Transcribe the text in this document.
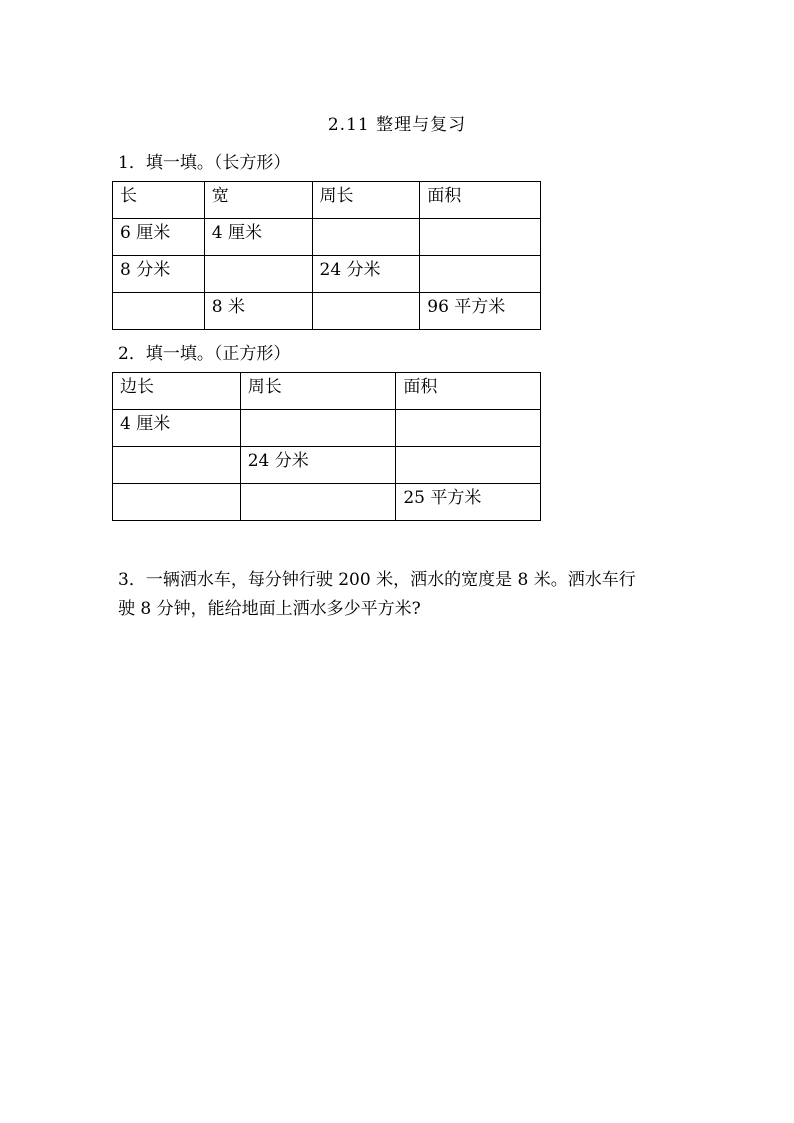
2.11 整理与复习
1．填一填。（长方形）
长	宽	周长	面积
6 厘米	4 厘米		
8 分米		24 分米	
	8 米		96 平方米
2．填一填。（正方形）
边长	周长	面积
4 厘米		
	24 分米	
		25 平方米
3．一辆洒水车，每分钟行驶 200 米，洒水的宽度是 8 米。洒水车行
驶 8 分钟，能给地面上洒水多少平方米?
